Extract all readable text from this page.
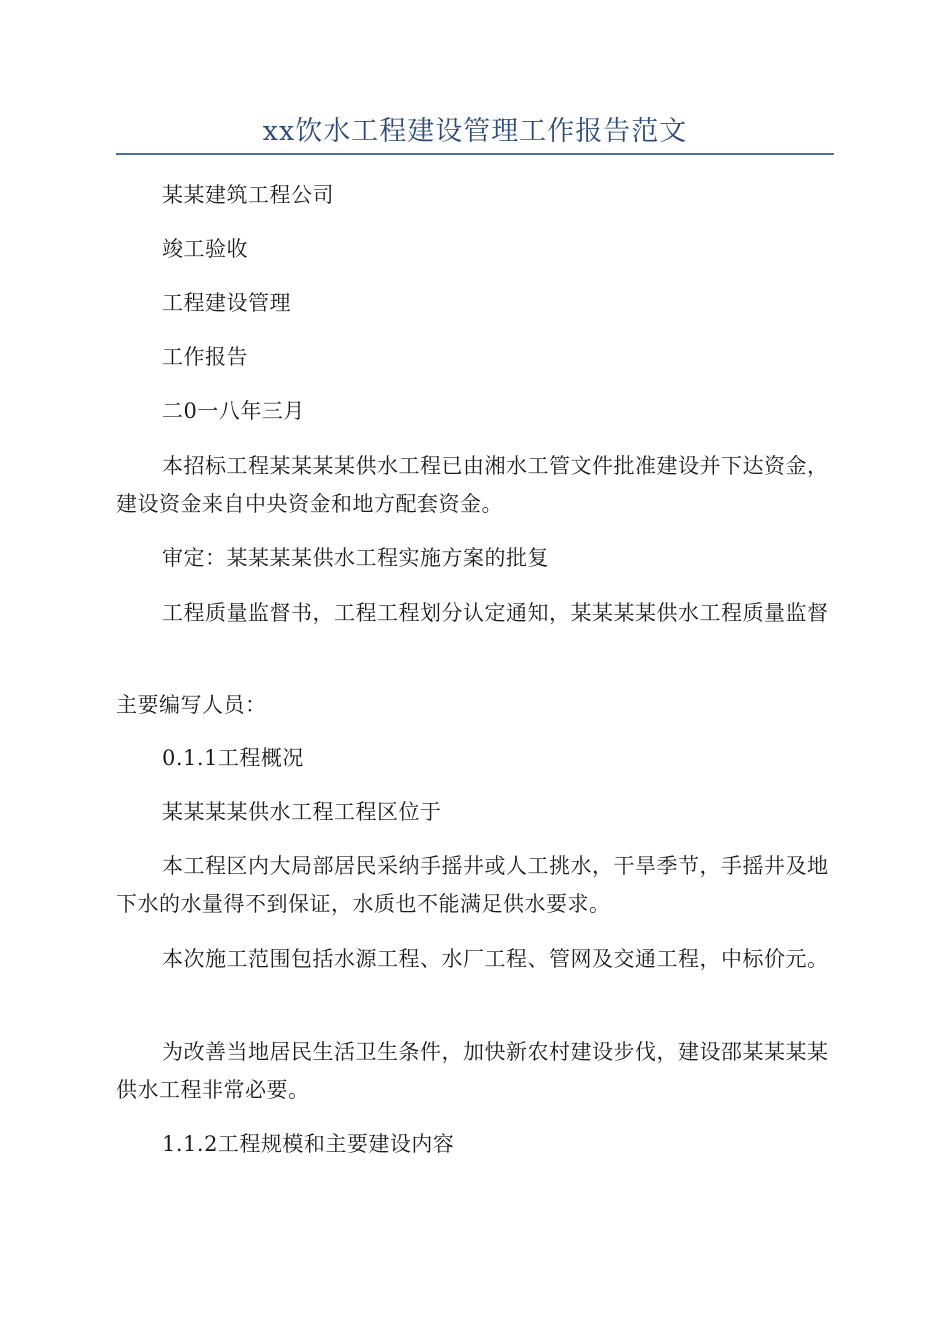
xx饮水工程建设管理工作报告范文
某某建筑工程公司
竣工验收
工程建设管理
工作报告
二0一八年三月
本招标工程某某某某供水工程已由湘水工管文件批准建设并下达资金，建设资金来自中央资金和地方配套资金。
审定：某某某某供水工程实施方案的批复
工程质量监督书，工程工程划分认定通知，某某某某供水工程质量监督
主要编写人员：
0.1.1工程概况
某某某某供水工程工程区位于
本工程区内大局部居民采纳手摇井或人工挑水，干旱季节，手摇井及地下水的水量得不到保证，水质也不能满足供水要求。
本次施工范围包括水源工程、水厂工程、管网及交通工程，中标价元。
为改善当地居民生活卫生条件，加快新农村建设步伐，建设邵某某某某供水工程非常必要。
1.1.2工程规模和主要建设内容
